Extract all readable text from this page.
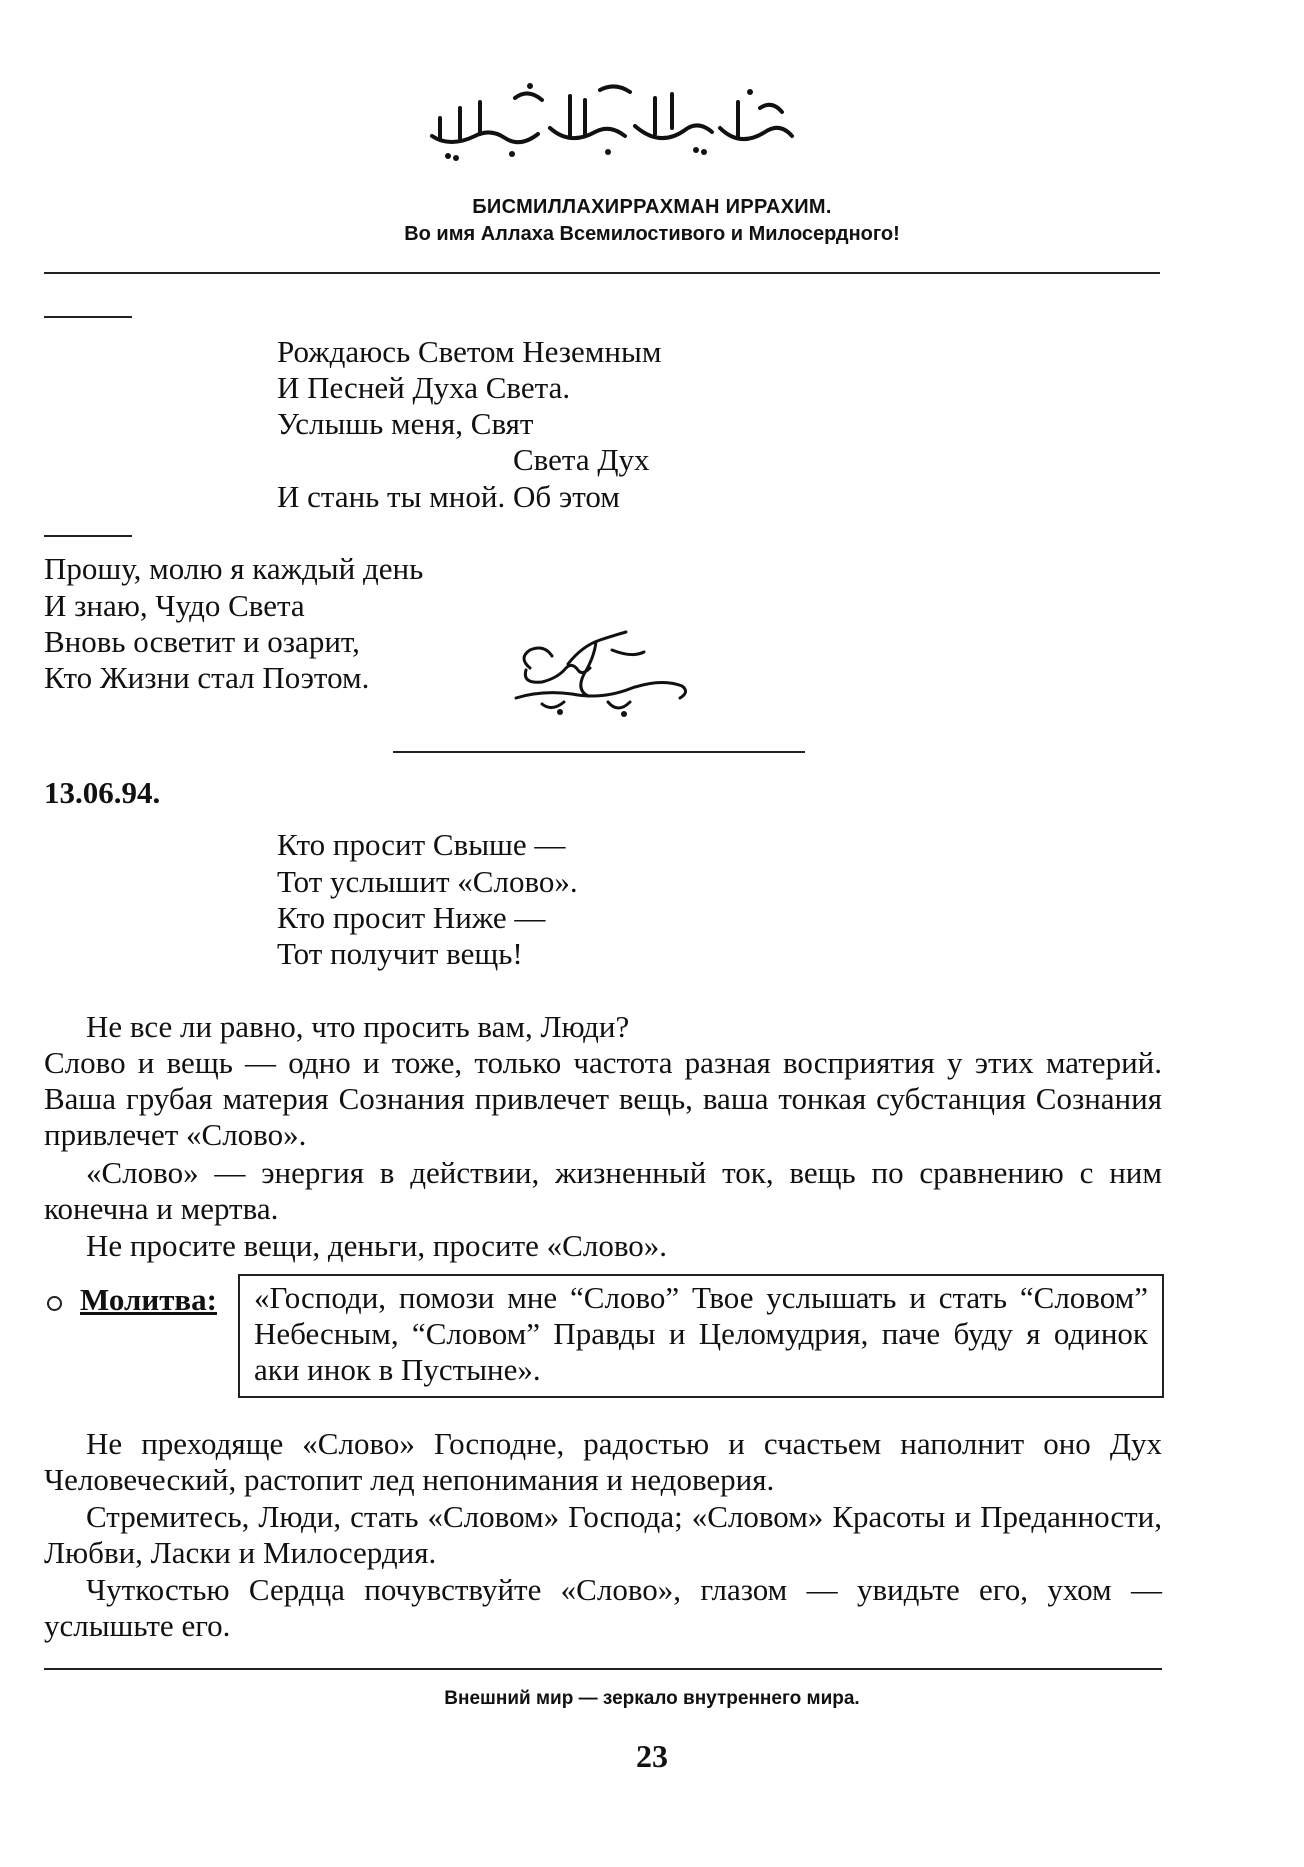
БИСМИЛЛАХИРРАХМАН ИРРАХИМ.
Во имя Аллаха Всемилостивого и Милосердного!
Рождаюсь Светом Неземным
И Песней Духа Света.
Услышь меня, Свят
Света Дух
И стань ты мной. Об этом
Прошу, молю я каждый день
И знаю, Чудо Света
Вновь осветит и озарит,
Кто Жизни стал Поэтом.
13.06.94.
Кто просит Свыше —
Тот услышит «Слово».
Кто просит Ниже —
Тот получит вещь!
Не все ли равно, что просить вам, Люди?
Слово и вещь — одно и тоже, только частота разная восприятия у этих материй. Ваша грубая материя Сознания привлечет вещь, ваша тонкая субстанция Сознания привлечет «Слово».
«Слово» — энергия в действии, жизненный ток, вещь по сравнению с ним конечна и мертва.
Не просите вещи, деньги, просите «Слово».
Молитва: «Господи, помози мне “Слово” Твое услышать и стать “Словом” Небесным, “Словом” Правды и Целомудрия, паче буду я одинок аки инок в Пустыне».
Не преходяще «Слово» Господне, радостью и счастьем наполнит оно Дух Человеческий, растопит лед непонимания и недоверия.
Стремитесь, Люди, стать «Словом» Господа; «Словом» Красоты и Преданности, Любви, Ласки и Милосердия.
Чуткостью Сердца почувствуйте «Слово», глазом — увидьте его, ухом — услышьте его.
Внешний мир — зеркало внутреннего мира.
23
